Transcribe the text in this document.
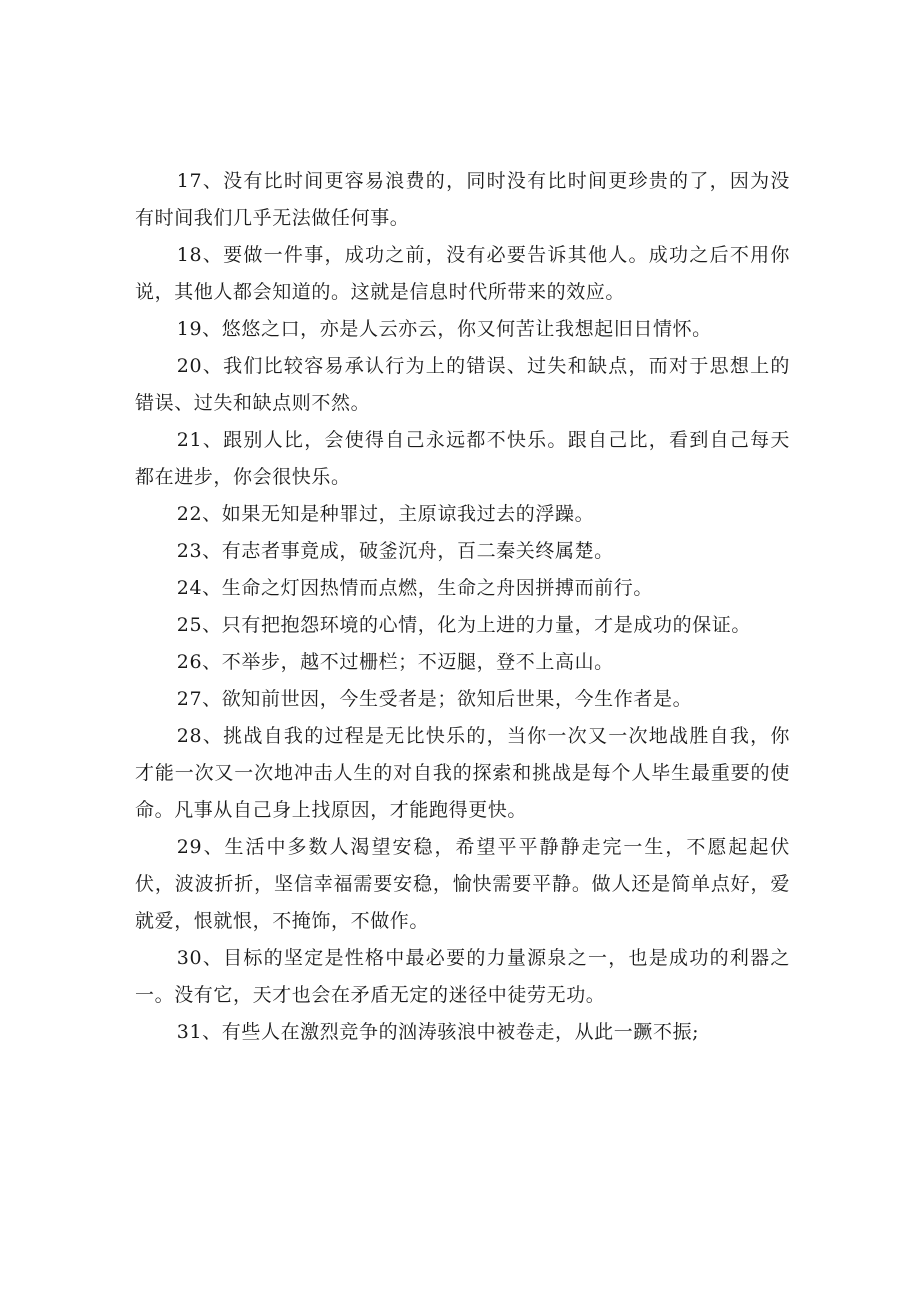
17、没有比时间更容易浪费的，同时没有比时间更珍贵的了，因为没有时间我们几乎无法做任何事。

18、要做一件事，成功之前，没有必要告诉其他人。成功之后不用你说，其他人都会知道的。这就是信息时代所带来的效应。

19、悠悠之口，亦是人云亦云，你又何苦让我想起旧日情怀。

20、我们比较容易承认行为上的错误、过失和缺点，而对于思想上的错误、过失和缺点则不然。

21、跟别人比，会使得自己永远都不快乐。跟自己比，看到自己每天都在进步，你会很快乐。

22、如果无知是种罪过，主原谅我过去的浮躁。

23、有志者事竟成，破釜沉舟，百二秦关终属楚。

24、生命之灯因热情而点燃，生命之舟因拼搏而前行。

25、只有把抱怨环境的心情，化为上进的力量，才是成功的保证。

26、不举步，越不过栅栏；不迈腿，登不上高山。

27、欲知前世因，今生受者是；欲知后世果，今生作者是。

28、挑战自我的过程是无比快乐的，当你一次又一次地战胜自我，你才能一次又一次地冲击人生的对自我的探索和挑战是每个人毕生最重要的使命。凡事从自己身上找原因，才能跑得更快。

29、生活中多数人渴望安稳，希望平平静静走完一生，不愿起起伏伏，波波折折，坚信幸福需要安稳，愉快需要平静。做人还是简单点好，爱就爱，恨就恨，不掩饰，不做作。

30、目标的坚定是性格中最必要的力量源泉之一，也是成功的利器之一。没有它，天才也会在矛盾无定的迷径中徒劳无功。

31、有些人在激烈竞争的汹涛骇浪中被卷走，从此一蹶不振;
